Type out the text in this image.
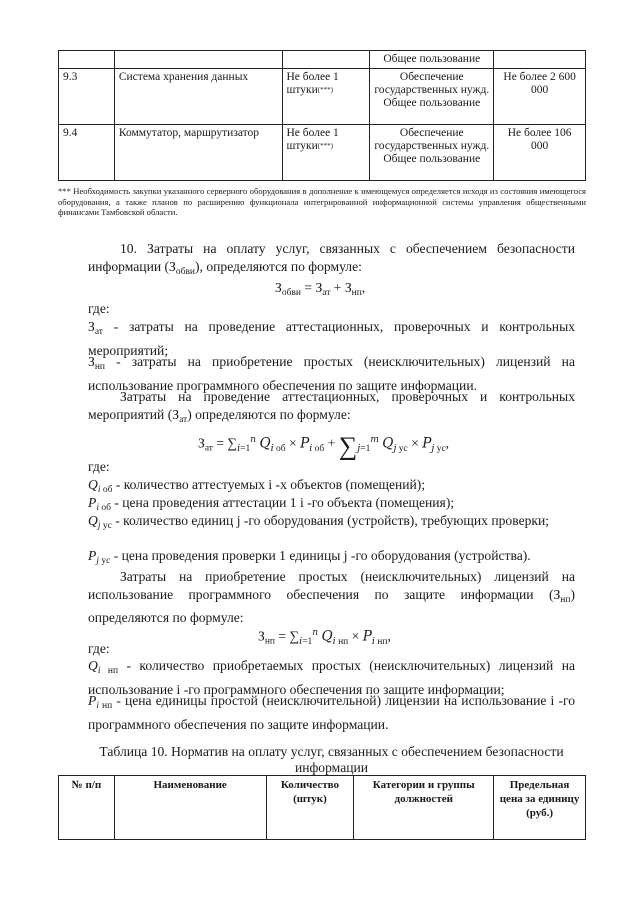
			Общее пользование	
9.3	Система хранения данных	Не более 1 штуки(***)	Обеспечение государственных нужд. Общее пользование	Не более 2 600 000
9.4	Коммутатор, маршрутизатор	Не более 1 штуки(***)	Обеспечение государственных нужд. Общее пользование	Не более 106 000
*** Необходимость закупки указанного серверного оборудования в дополнение к имеющемуся определяется исходя из состояния имеющегося оборудования, а также планов по расширению функционала интегрированной информационной системы управления общественными финансами Тамбовской области.
10. Затраты на оплату услуг, связанных с обеспечением безопасности информации $(З_{обви})$, определяются по формуле:
$З_{обви} = З_{ат} + З_{нп}$,
где:
$З_{ат}$ - затраты на проведение аттестационных, проверочных и контрольных мероприятий;
$З_{нп}$ - затраты на приобретение простых (неисключительных) лицензий на использование программного обеспечения по защите информации.
Затраты на проведение аттестационных, проверочных и контрольных мероприятий $(З_{ат})$ определяются по формуле:
$З_{ат} = \sum_{i=1}^n$ $Q_{i об} \times P_{i об} + \sum_{j=1}^m$ $Q_{j ус} \times P_{j ус}$,
где:
$Q_{i об}$ - количество аттестуемых i -х объектов (помещений);
$P_{i об}$ - цена проведения аттестации 1 i -го объекта (помещения);
$Q_{j ус}$ - количество единиц j -го оборудования (устройств), требующих проверки;
$P_{j ус}$ - цена проведения проверки 1 единицы j -го оборудования (устройства).
Затраты на приобретение простых (неисключительных) лицензий на использование программного обеспечения по защите информации $(З_{нп})$ определяются по формуле:
$З_{нп} = \sum_{i=1}^n$ $Q_{i нп} \times P_{i нп}$,
где:
$Q_{i нп}$ - количество приобретаемых простых (неисключительных) лицензий на использование i -го программного обеспечения по защите информации;
$P_{i нп}$ - цена единицы простой (неисключительной) лицензии на использование i -го программного обеспечения по защите информации.
Таблица 10. Норматив на оплату услуг, связанных с обеспечением безопасности информации
№ п/п	Наименование	Количество (штук)	Категории и группы должностей	Предельная цена за единицу (руб.)
